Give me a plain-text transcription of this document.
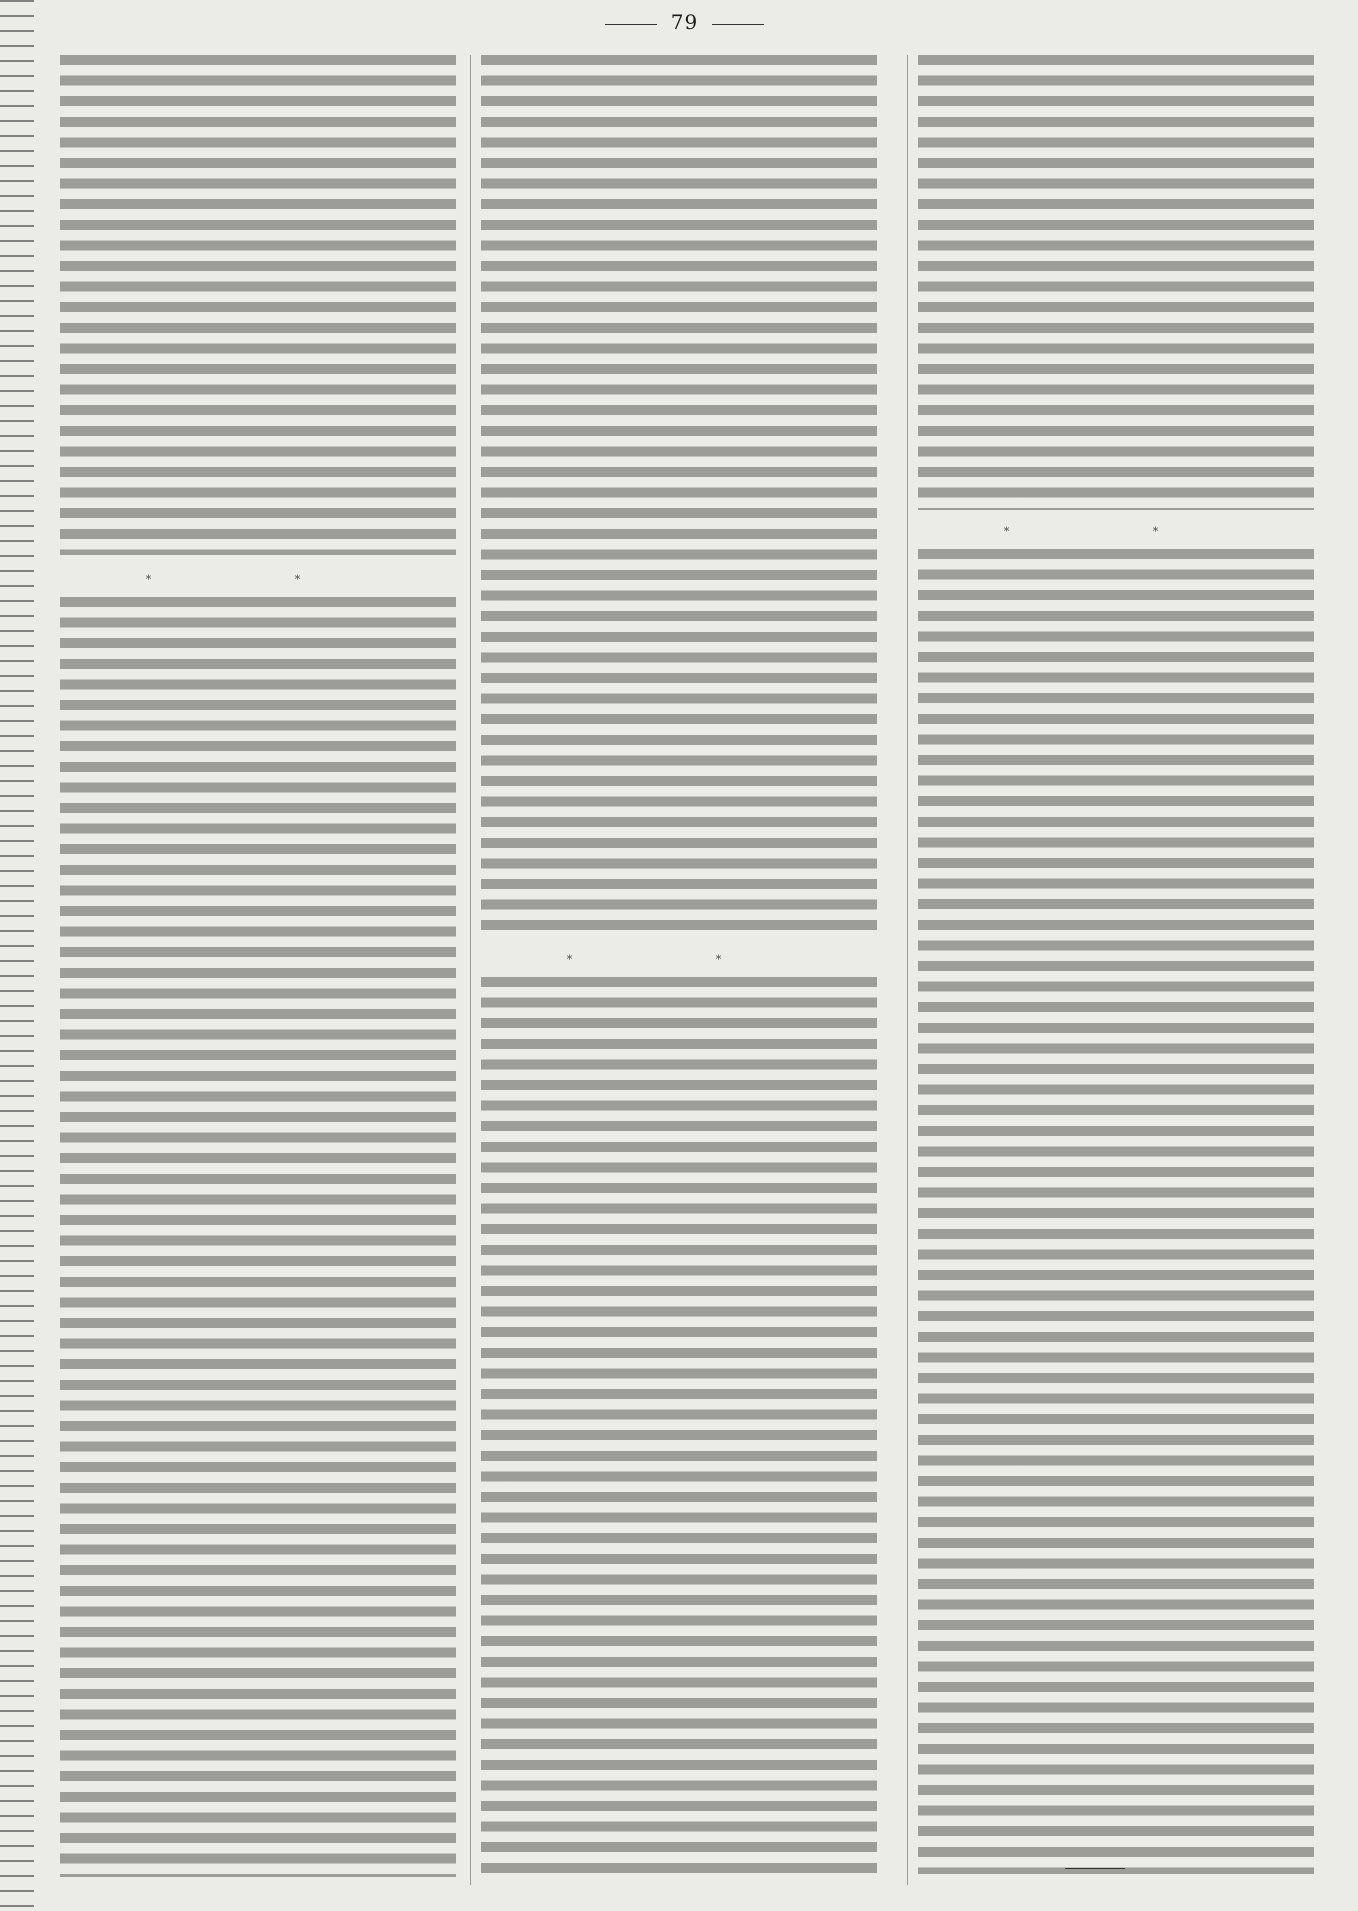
79
* *
* *
* *
